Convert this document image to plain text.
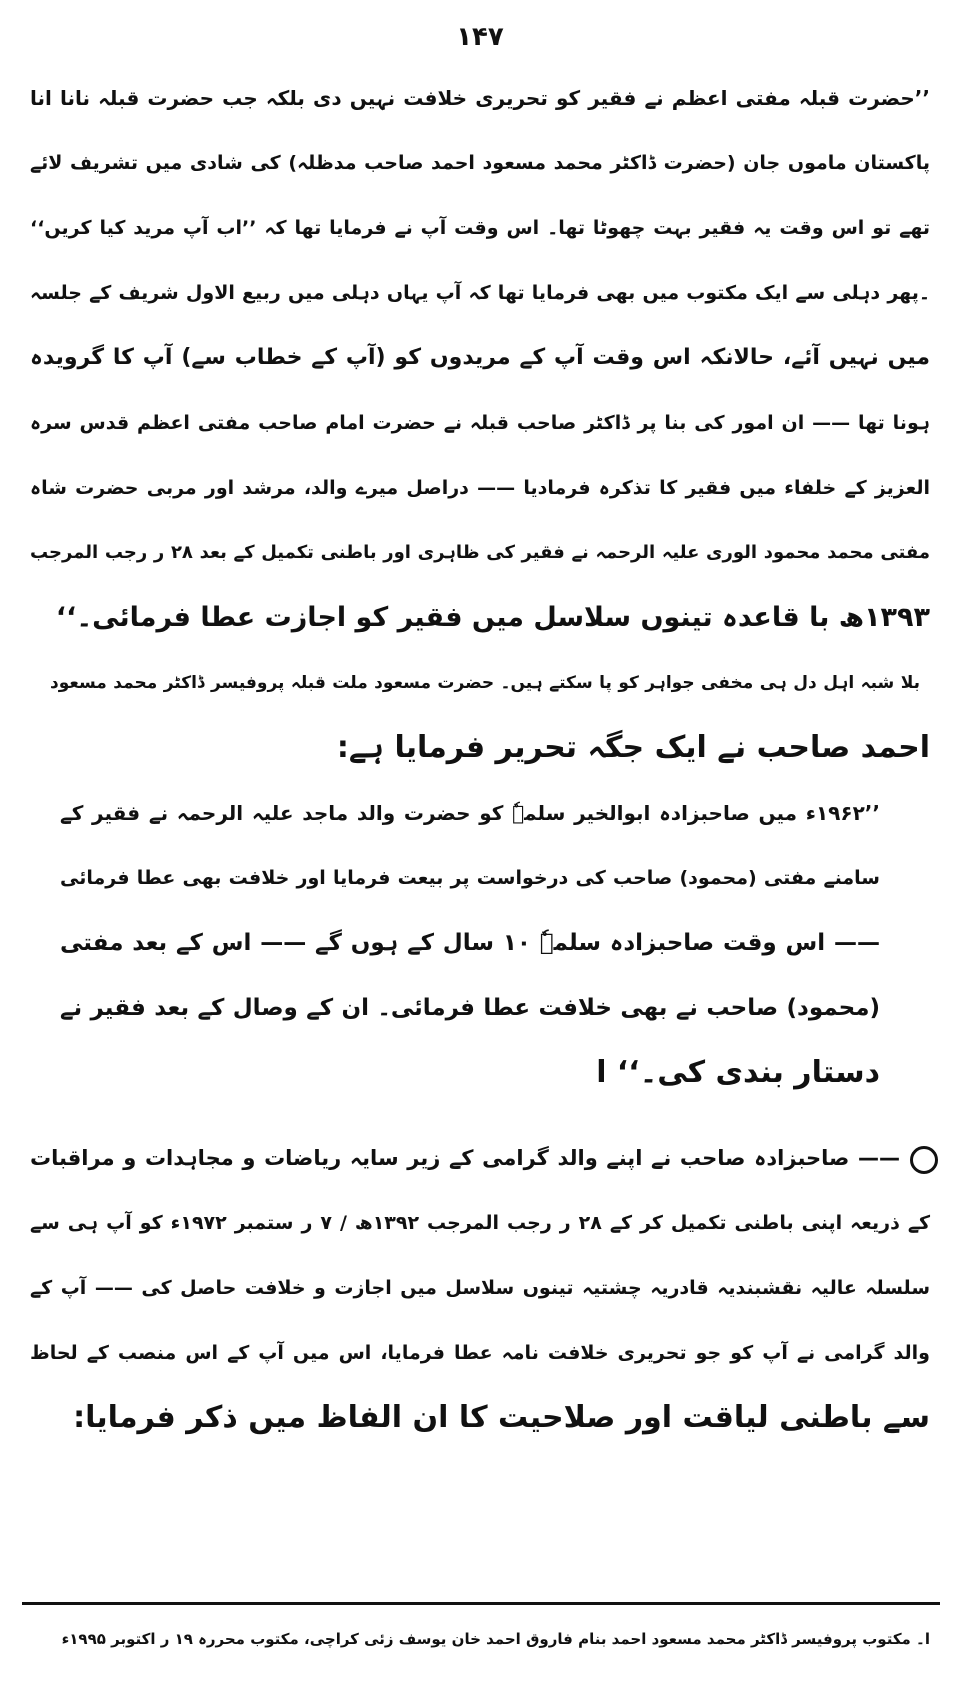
۱۴۷
’’حضرت قبلہ مفتی اعظم نے فقیر کو تحریری خلافت نہیں دی بلکہ جب حضرت قبلہ نانا انا
پاکستان ماموں جان (حضرت ڈاکٹر محمد مسعود احمد صاحب مدظلہ) کی شادی میں تشریف لائے
تھے تو اس وقت یہ فقیر بہت چھوٹا تھا۔ اس وقت آپ نے فرمایا تھا کہ ’’اب آپ مرید کیا کریں‘‘
۔پھر دہلی سے ایک مکتوب میں بھی فرمایا تھا کہ آپ یہاں دہلی میں ربیع الاول شریف کے جلسہ
میں نہیں آئے، حالانکہ اس وقت آپ کے مریدوں کو (آپ کے خطاب سے) آپ کا گرویدہ
ہونا تھا —— ان امور کی بنا پر ڈاکٹر صاحب قبلہ نے حضرت امام صاحب مفتی اعظم قدس سرہ
العزیز کے خلفاء میں فقیر کا تذکرہ فرمادیا —— دراصل میرے والد، مرشد اور مربی حضرت شاہ
مفتی محمد محمود الوری علیہ الرحمہ نے فقیر کی ظاہری اور باطنی تکمیل کے بعد ۲۸ ر رجب المرجب
۱۳۹۳ھ با قاعدہ تینوں سلاسل میں فقیر کو اجازت عطا فرمائی۔‘‘
بلا شبہ اہل دل ہی مخفی جواہر کو پا سکتے ہیں۔ حضرت مسعود ملت قبلہ پروفیسر ڈاکٹر محمد مسعود
احمد صاحب نے ایک جگہ تحریر فرمایا ہے:
’’۱۹۶۲ء میں صاحبزادہ ابوالخیر سلمہٗ کو حضرت والد ماجد علیہ الرحمہ نے فقیر کے
سامنے مفتی (محمود) صاحب کی درخواست پر بیعت فرمایا اور خلافت بھی عطا فرمائی
—— اس وقت صاحبزادہ سلمہٗ ۱۰ سال کے ہوں گے —— اس کے بعد مفتی
(محمود) صاحب نے بھی خلافت عطا فرمائی۔ ان کے وصال کے بعد فقیر نے
دستار بندی کی۔‘‘ ا
—— صاحبزادہ صاحب نے اپنے والد گرامی کے زیر سایہ ریاضات و مجاہدات و مراقبات
کے ذریعہ اپنی باطنی تکمیل کر کے ۲۸ ر رجب المرجب ۱۳۹۲ھ / ۷ ر ستمبر ۱۹۷۲ء کو آپ ہی سے
سلسلہ عالیہ نقشبندیہ قادریہ چشتیہ تینوں سلاسل میں اجازت و خلافت حاصل کی —— آپ کے
والد گرامی نے آپ کو جو تحریری خلافت نامہ عطا فرمایا، اس میں آپ کے اس منصب کے لحاظ
سے باطنی لیاقت اور صلاحیت کا ان الفاظ میں ذکر فرمایا:
ا۔ مکتوب پروفیسر ڈاکٹر محمد مسعود احمد بنام فاروق احمد خان یوسف زئی کراچی، مکتوب محررہ ۱۹ ر اکتوبر ۱۹۹۵ء
